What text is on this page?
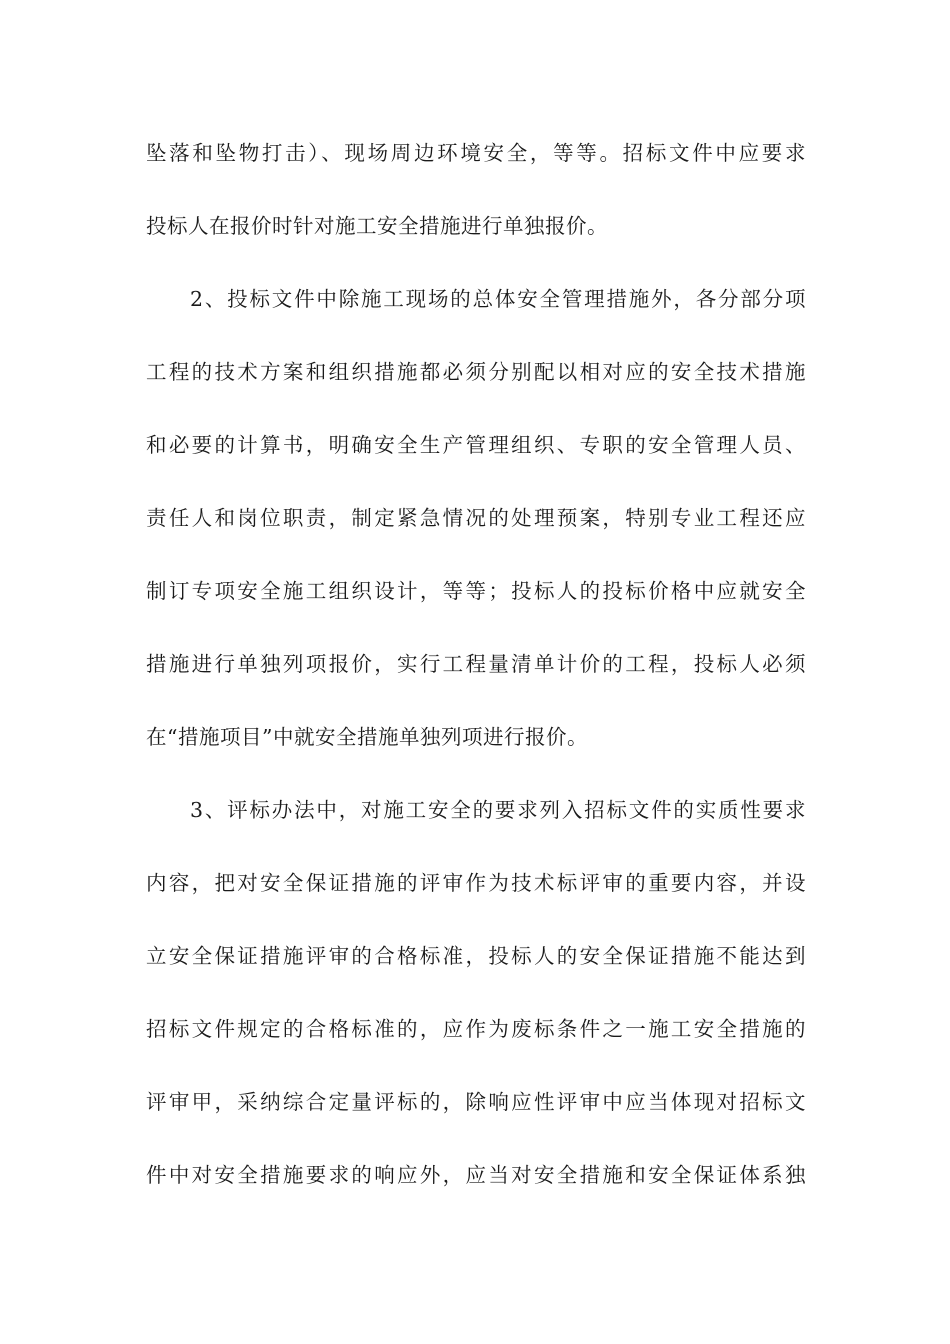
坠落和坠物打击）、现场周边环境安全，等等。招标文件中应要求
投标人在报价时针对施工安全措施进行单独报价。
2、投标文件中除施工现场的总体安全管理措施外，各分部分项
工程的技术方案和组织措施都必须分别配以相对应的安全技术措施
和必要的计算书，明确安全生产管理组织、专职的安全管理人员、
责任人和岗位职责，制定紧急情况的处理预案，特别专业工程还应
制订专项安全施工组织设计，等等；投标人的投标价格中应就安全
措施进行单独列项报价，实行工程量清单计价的工程，投标人必须
在“措施项目”中就安全措施单独列项进行报价。
3、评标办法中，对施工安全的要求列入招标文件的实质性要求
内容，把对安全保证措施的评审作为技术标评审的重要内容，并设
立安全保证措施评审的合格标准，投标人的安全保证措施不能达到
招标文件规定的合格标准的，应作为废标条件之一施工安全措施的
评审甲，采纳综合定量评标的，除响应性评审中应当体现对招标文
件中对安全措施要求的响应外，应当对安全措施和安全保证体系独
